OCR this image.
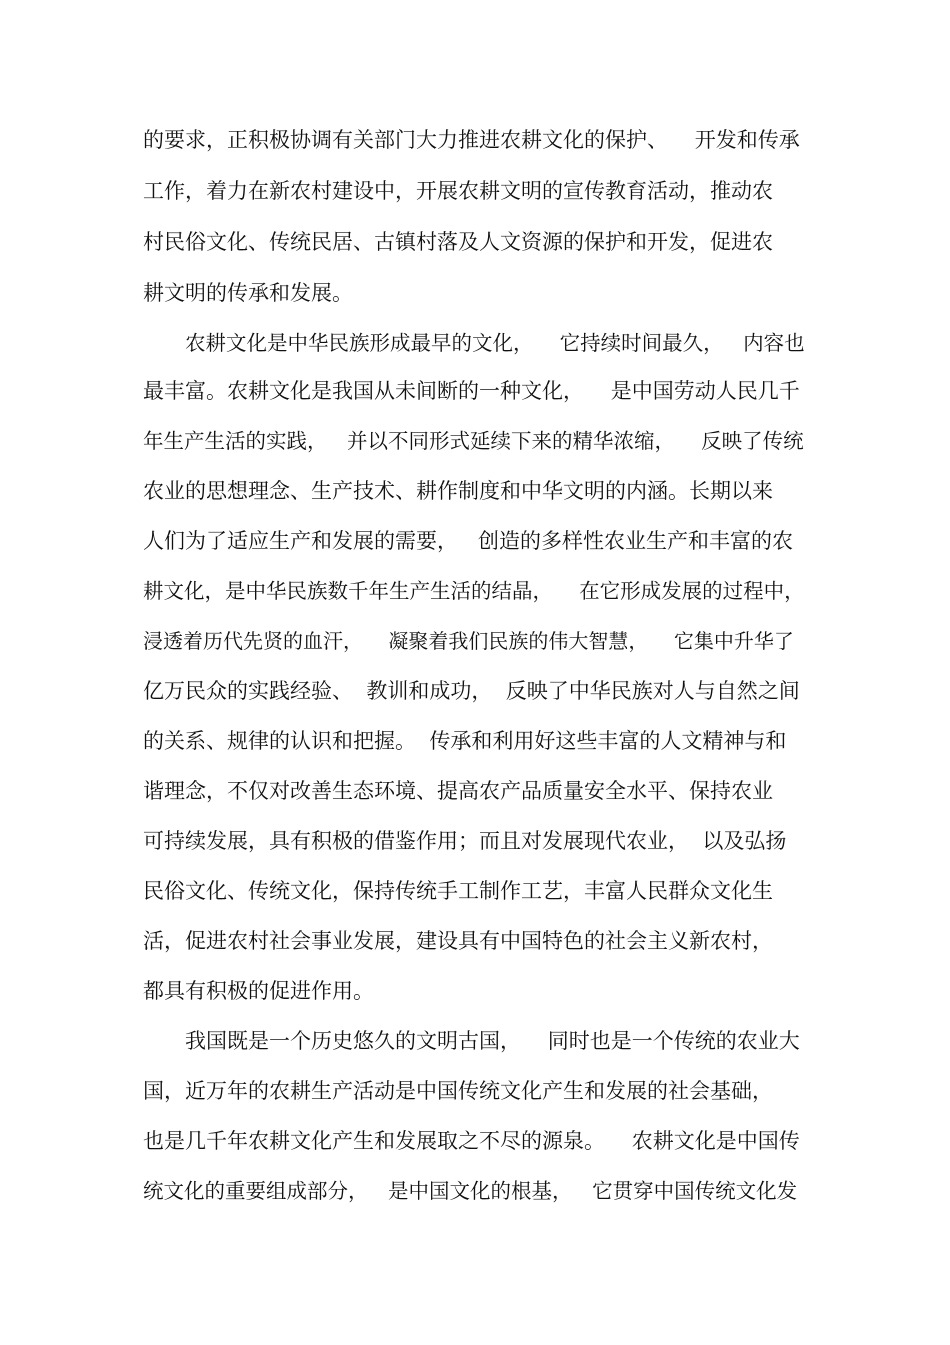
的要求，正积极协调有关部门大力推进农耕文化的保护、    开发和传承
工作，着力在新农村建设中，开展农耕文明的宣传教育活动，推动农
村民俗文化、传统民居、古镇村落及人文资源的保护和开发，促进农
耕文明的传承和发展。
农耕文化是中华民族形成最早的文化，    它持续时间最久，   内容也
最丰富。农耕文化是我国从未间断的一种文化，    是中国劳动人民几千
年生产生活的实践，   并以不同形式延续下来的精华浓缩，    反映了传统
农业的思想理念、生产技术、耕作制度和中华文明的内涵。长期以来
人们为了适应生产和发展的需要，   创造的多样性农业生产和丰富的农
耕文化，是中华民族数千年生产生活的结晶，    在它形成发展的过程中，
浸透着历代先贤的血汗，    凝聚着我们民族的伟大智慧，    它集中升华了
亿万民众的实践经验、  教训和成功，  反映了中华民族对人与自然之间
的关系、规律的认识和把握。  传承和利用好这些丰富的人文精神与和
谐理念，不仅对改善生态环境、提高农产品质量安全水平、保持农业
可持续发展，具有积极的借鉴作用；而且对发展现代农业，  以及弘扬
民俗文化、传统文化，保持传统手工制作工艺，丰富人民群众文化生
活，促进农村社会事业发展，建设具有中国特色的社会主义新农村，
都具有积极的促进作用。
我国既是一个历史悠久的文明古国，    同时也是一个传统的农业大
国，近万年的农耕生产活动是中国传统文化产生和发展的社会基础，
也是几千年农耕文化产生和发展取之不尽的源泉。    农耕文化是中国传
统文化的重要组成部分，   是中国文化的根基，   它贯穿中国传统文化发
